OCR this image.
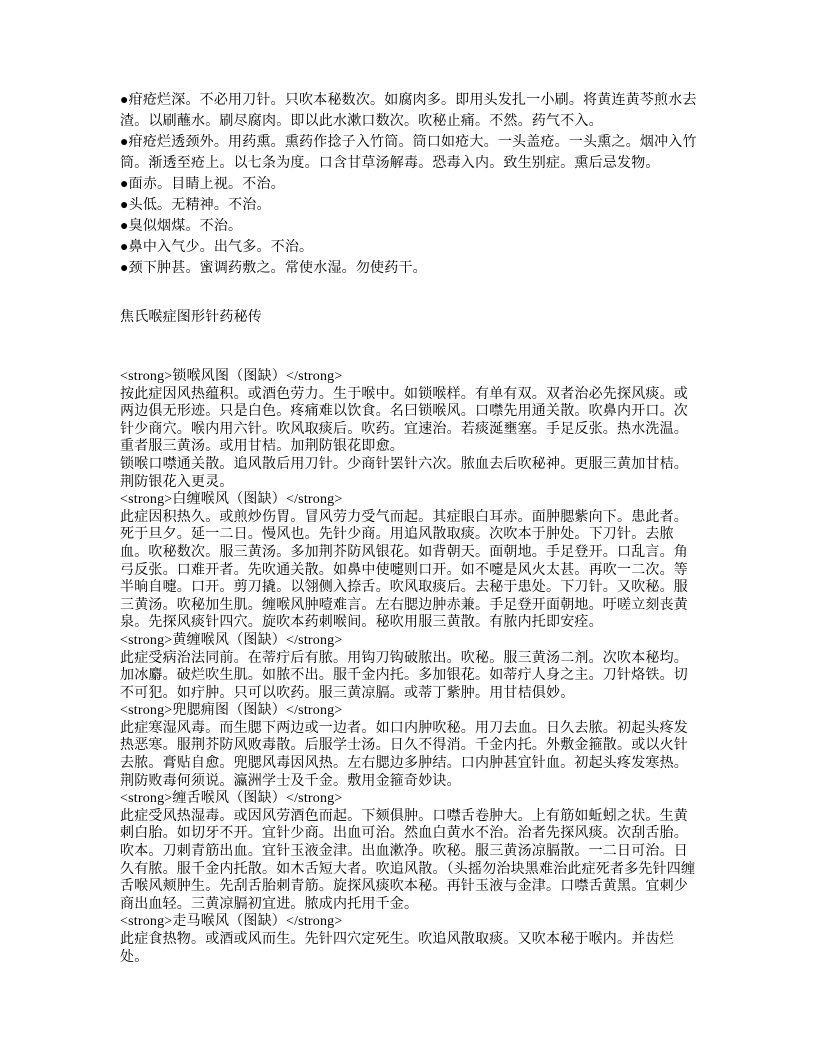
●疳疮烂深。不必用刀针。只吹本秘数次。如腐肉多。即用头发扎一小刷。将黄连黄芩煎水去渣。以刷蘸水。刷尽腐肉。即以此水漱口数次。吹秘止痛。不然。药气不入。

●疳疮烂透颈外。用药熏。熏药作捻子入竹筒。筒口如疮大。一头盖疮。一头熏之。烟冲入竹筒。渐透至疮上。以七条为度。口含甘草汤解毒。恐毒入内。致生别症。熏后忌发物。

●面赤。目睛上视。不治。

●头低。无精神。不治。

●臭似烟煤。不治。

●鼻中入气少。出气多。不治。

●颈下肿甚。蜜调药敷之。常使水湿。勿使药干。

焦氏喉症图形针药秘传

<strong>锁喉风图（图缺）</strong>

按此症因风热蕴积。或酒色劳力。生于喉中。如锁喉样。有单有双。双者治必先探风痰。或两边俱无形迹。只是白色。疼痛难以饮食。名曰锁喉风。口噤先用通关散。吹鼻内开口。次针少商穴。喉内用六针。吹风取痰后。吹药。宜速治。若痰涎壅塞。手足反张。热水洗温。

重者服三黄汤。或用甘桔。加荆防银花即愈。

锁喉口噤通关散。追风散后用刀针。少商针罢针六次。脓血去后吹秘神。更服三黄加甘桔。荆防银花入更灵。

<strong>白缠喉风（图缺）</strong>

此症因积热久。或煎炒伤胃。冒风劳力受气而起。其症眼白耳赤。面肿腮紫向下。患此者。死于旦夕。延一二日。慢风也。先针少商。用追风散取痰。次吹本于肿处。下刀针。去脓血。吹秘数次。服三黄汤。多加荆芥防风银花。如背朝天。面朝地。手足登开。口乱言。角弓反张。口难开者。先吹通关散。如鼻中使嚏则口开。如不嚏是风火太甚。再吹一二次。等半晌自嚏。口开。剪刀撬。以翎侧入捺舌。吹风取痰后。去秘于患处。下刀针。又吹秘。服三黄汤。吹秘加生肌。缠喉风肿噎难言。左右腮边肿赤兼。手足登开面朝地。吁嗟立刻丧黄泉。先探风痰针四穴。旋吹本药刺喉间。秘吹用服三黄散。有脓内托即安痊。

<strong>黄缠喉风（图缺）</strong>

此症受病治法同前。在蒂疔后有脓。用钩刀钩破脓出。吹秘。服三黄汤二剂。次吹本秘均。加冰麝。破烂吹生肌。如脓不出。服千金内托。多加银花。如蒂疔人身之主。刀针烙铁。切不可犯。如疔肿。只可以吹药。服三黄凉膈。或蒂丁紫肿。用甘桔俱妙。

<strong>兜腮痈图（图缺）</strong>

此症寒湿风毒。而生腮下两边或一边者。如口内肿吹秘。用刀去血。日久去脓。初起头疼发热恶寒。服荆芥防风败毒散。后服学士汤。日久不得消。千金内托。外敷金箍散。或以火针去脓。膏贴自愈。兜腮风毒因风热。左右腮边多肿结。口内肿甚宜针血。初起头疼发寒热。荆防败毒何须说。瀛洲学士及千金。敷用金箍奇妙诀。

<strong>缠舌喉风（图缺）</strong>

此症受风热湿毒。或因风劳酒色而起。下颏俱肿。口噤舌卷肿大。上有筋如蚯蚓之状。生黄刺白胎。如切牙不开。宜针少商。出血可治。然血白黄水不治。治者先探风痰。次刮舌胎。吹本。刀刺青筋出血。宜针玉液金津。出血漱净。吹秘。服三黄汤凉膈散。一二日可治。日久有脓。服千金内托散。如木舌短大者。吹追风散。（头摇勿治块黑难治此症死者多先针四缠舌喉风颊肿生。先刮舌胎刺青筋。旋探风痰吹本秘。再针玉液与金津。口噤舌黄黑。宜刺少商出血轻。三黄凉膈初宜进。脓成内托用千金。

<strong>走马喉风（图缺）</strong>

此症食热物。或酒或风而生。先针四穴定死生。吹追风散取痰。又吹本秘于喉内。并齿烂处。
